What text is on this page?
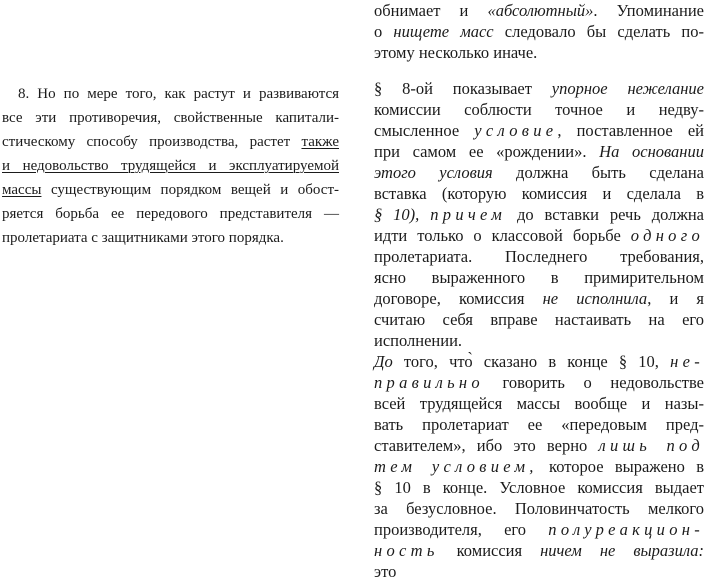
8. Но по мере того, как растут и развиваются
все эти противоречия, свойственные капитали-
стическому способу производства, растет также
и недовольство трудящейся и эксплуатируемой
массы существующим порядком вещей и обост-
ряется борьба ее передового представителя —
пролетариата с защитниками этого порядка.
обнимает и «абсолютный». Упоминание
о нищете масс следовало бы сделать по-
этому несколько иначе.
§ 8-ой показывает упорное нежелание
комиссии соблюсти точное и недву-
смысленное условие, поставленное ей
при самом ее «рождении». На основании
этого условия должна быть сделана
вставка (которую комиссия и сделала в
§ 10), причем до вставки речь должна
идти только о классовой борьбе одного
пролетариата. Последнего требования,
ясно выраженного в примирительном
договоре, комиссия не исполнила, и я
считаю себя вправе настаивать на его
исполнении.
До того, что̀ сказано в конце § 10, не-
правильно говорить о недовольстве
всей трудящейся массы вообще и назы-
вать пролетариат ее «передовым пред-
ставителем», ибо это верно лишь под
тем условием, которое выражено в
§ 10 в конце. Условное комиссия выдает
за безусловное. Половинчатость мелкого
производителя, его полуреакцион-
ность комиссия ничем не выразила:
это
